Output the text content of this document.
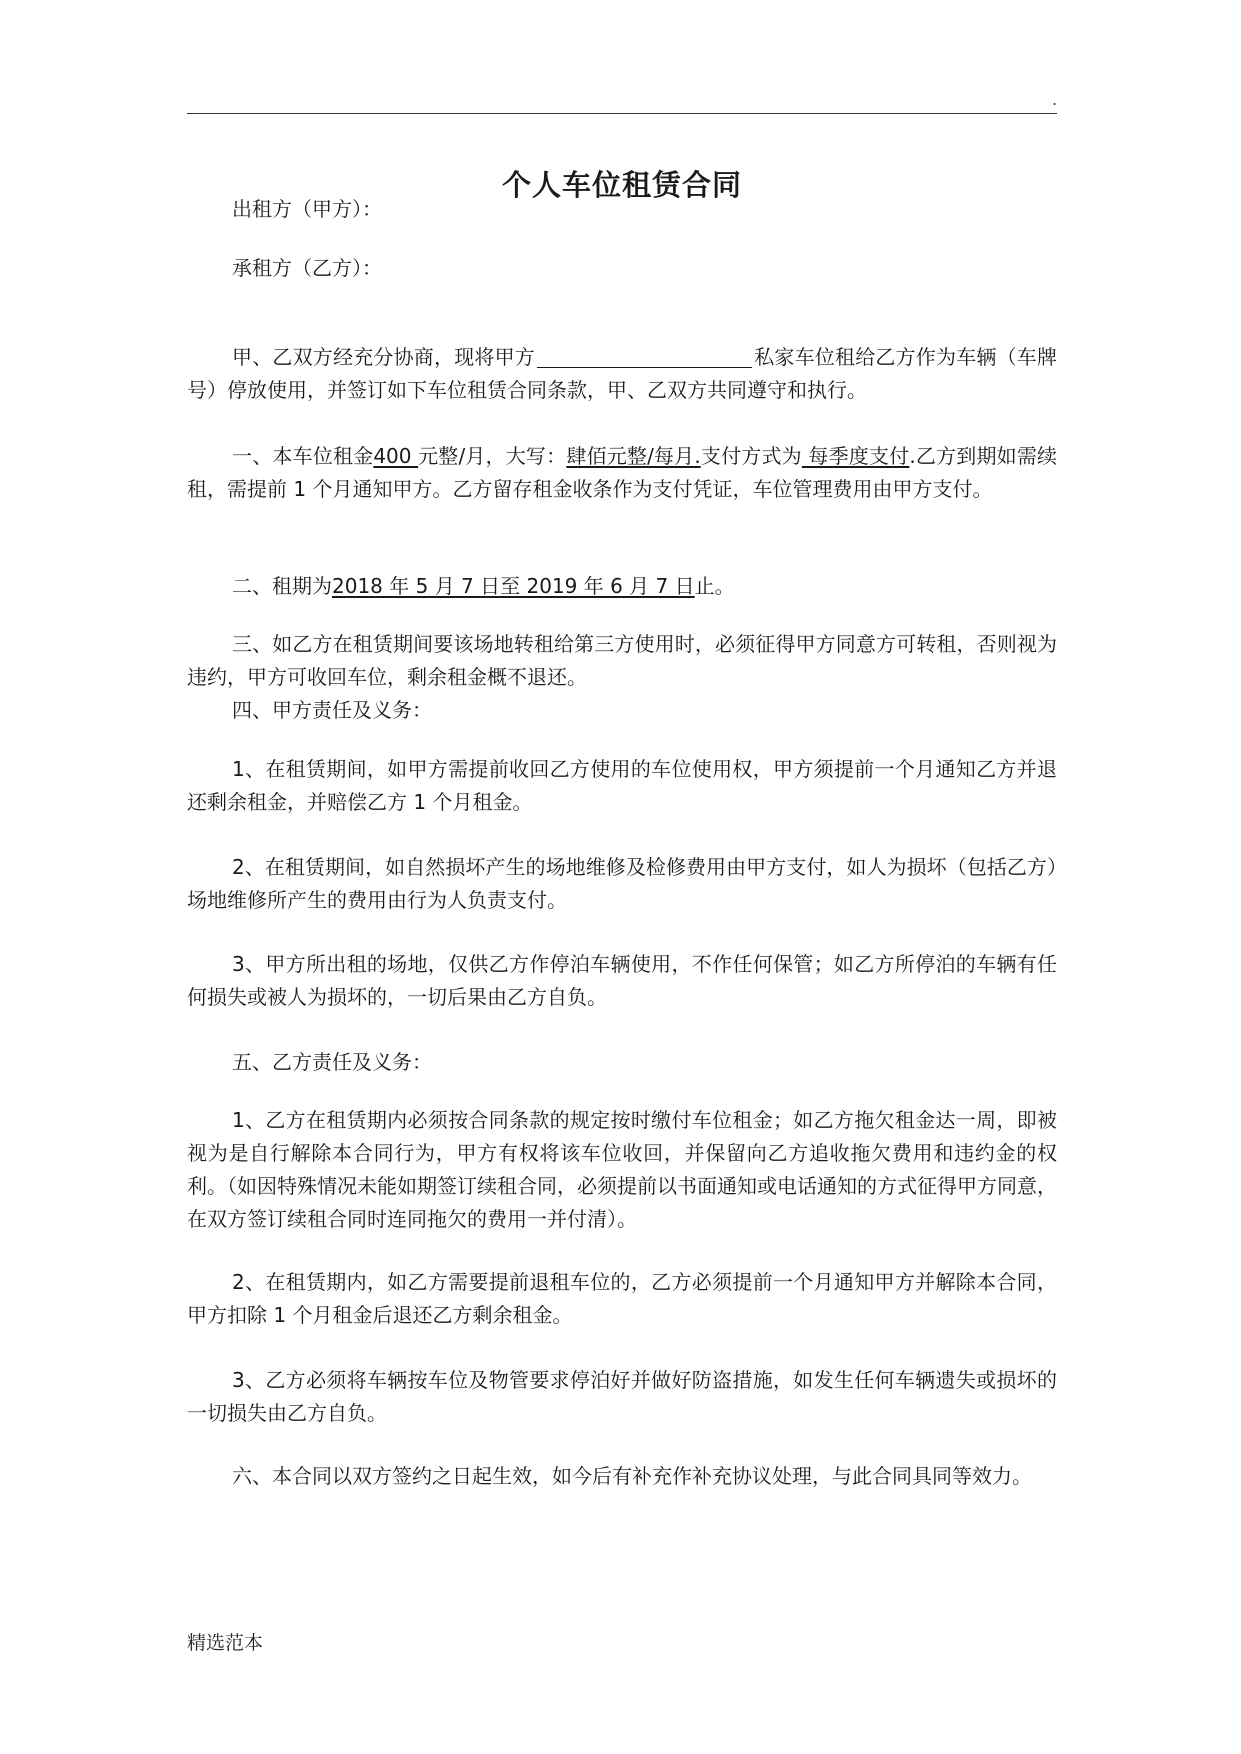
.
个人车位租赁合同
出租方（甲方）：
承租方（乙方）：
甲、乙双方经充分协商，现将甲方	私家车位租给乙方作为车辆（车牌号）停放使用，并签订如下车位租赁合同条款，甲、乙双方共同遵守和执行。
一、本车位租金400 元整/月，大写：肆佰元整/每月.支付方式为 每季度支付.乙方到期如需续租，需提前 1 个月通知甲方。乙方留存租金收条作为支付凭证，车位管理费用由甲方支付。
二、租期为2018 年 5 月 7 日至 2019 年 6 月 7 日止。
三、如乙方在租赁期间要该场地转租给第三方使用时，必须征得甲方同意方可转租，否则视为违约，甲方可收回车位，剩余租金概不退还。
四、甲方责任及义务：
1、在租赁期间，如甲方需提前收回乙方使用的车位使用权，甲方须提前一个月通知乙方并退还剩余租金，并赔偿乙方 1 个月租金。
2、在租赁期间，如自然损坏产生的场地维修及检修费用由甲方支付，如人为损坏（包括乙方）场地维修所产生的费用由行为人负责支付。
3、甲方所出租的场地，仅供乙方作停泊车辆使用，不作任何保管；如乙方所停泊的车辆有任何损失或被人为损坏的，一切后果由乙方自负。
五、乙方责任及义务：
1、乙方在租赁期内必须按合同条款的规定按时缴付车位租金；如乙方拖欠租金达一周，即被视为是自行解除本合同行为，甲方有权将该车位收回，并保留向乙方追收拖欠费用和违约金的权利。（如因特殊情况未能如期签订续租合同，必须提前以书面通知或电话通知的方式征得甲方同意，在双方签订续租合同时连同拖欠的费用一并付清）。
2、在租赁期内，如乙方需要提前退租车位的，乙方必须提前一个月通知甲方并解除本合同，甲方扣除 1 个月租金后退还乙方剩余租金。
3、乙方必须将车辆按车位及物管要求停泊好并做好防盗措施，如发生任何车辆遗失或损坏的一切损失由乙方自负。
六、本合同以双方签约之日起生效，如今后有补充作补充协议处理，与此合同具同等效力。
精选范本
